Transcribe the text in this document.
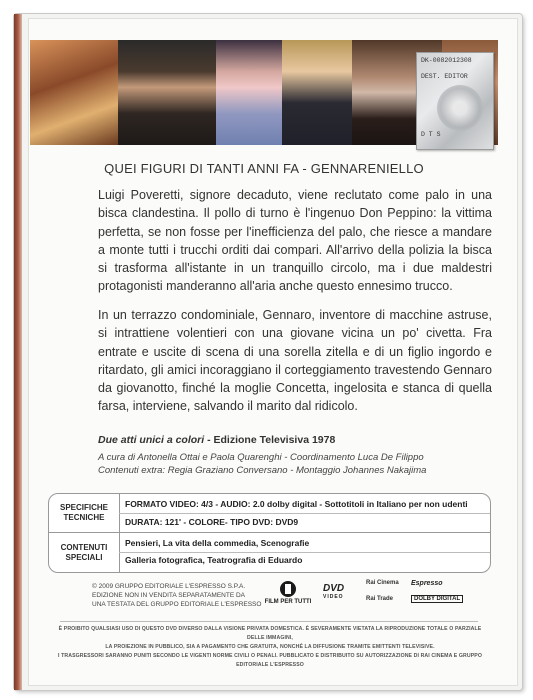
DK-0082012308
DEST. EDITOR
D T S
QUEI FIGURI DI TANTI ANNI FA - GENNARENIELLO

Luigi Poveretti, signore decaduto, viene reclutato come palo in una bisca clandestina. Il pollo di turno è l'ingenuo Don Peppino: la vittima perfetta, se non fosse per l'inefficienza del palo, che riesce a mandare a monte tutti i trucchi orditi dai compari. All'arrivo della polizia la bisca si trasforma all'istante in un tranquillo circolo, ma i due maldestri protagonisti manderanno all'aria anche questo ennesimo trucco.

In un terrazzo condominiale, Gennaro, inventore di macchine astruse, si intrattiene volentieri con una giovane vicina un po' civetta. Fra entrate e uscite di scena di una sorella zitella e di un figlio ingordo e ritardato, gli amici incoraggiano il corteggiamento travestendo Gennaro da giovanotto, finché la moglie Concetta, ingelosita e stanca di quella farsa, interviene, salvando il marito dal ridicolo.

Due atti unici a colori - Edizione Televisiva 1978
A cura di Antonella Ottai e Paola Quarenghi - Coordinamento Luca De Filippo
Contenuti extra: Regia Graziano Conversano - Montaggio Johannes Nakajima
SPECIFICHE
TECNICHE
FORMATO VIDEO: 4/3 - AUDIO: 2.0 dolby digital - Sottotitoli in Italiano per non udenti
DURATA: 121' - COLORE- TIPO DVD: DVD9
CONTENUTI
SPECIALI
Pensieri, La vita della commedia, Scenografie
Galleria fotografica, Teatrografia di Eduardo
© 2009 GRUPPO EDITORIALE L'ESPRESSO S.P.A.
EDIZIONE NON IN VENDITA SEPARATAMENTE DA
UNA TESTATA DEL GRUPPO EDITORIALE L'ESPRESSO FILM PER TUTTI
DVD
VIDEO
Rai Cinema
Rai Trade
Espresso
DOLBY DIGITAL
È PROIBITO QUALSIASI USO DI QUESTO DVD DIVERSO DALLA VISIONE PRIVATA DOMESTICA. È SEVERAMENTE VIETATA LA RIPRODUZIONE TOTALE O PARZIALE DELLE IMMAGINI,
LA PROIEZIONE IN PUBBLICO, SIA A PAGAMENTO CHE GRATUITA, NONCHÉ LA DIFFUSIONE TRAMITE EMITTENTI TELEVISIVE.
I TRASGRESSORI SARANNO PUNITI SECONDO LE VIGENTI NORME CIVILI O PENALI. PUBBLICATO E DISTRIBUITO SU AUTORIZZAZIONE DI RAI CINEMA E GRUPPO EDITORIALE L'ESPRESSO
